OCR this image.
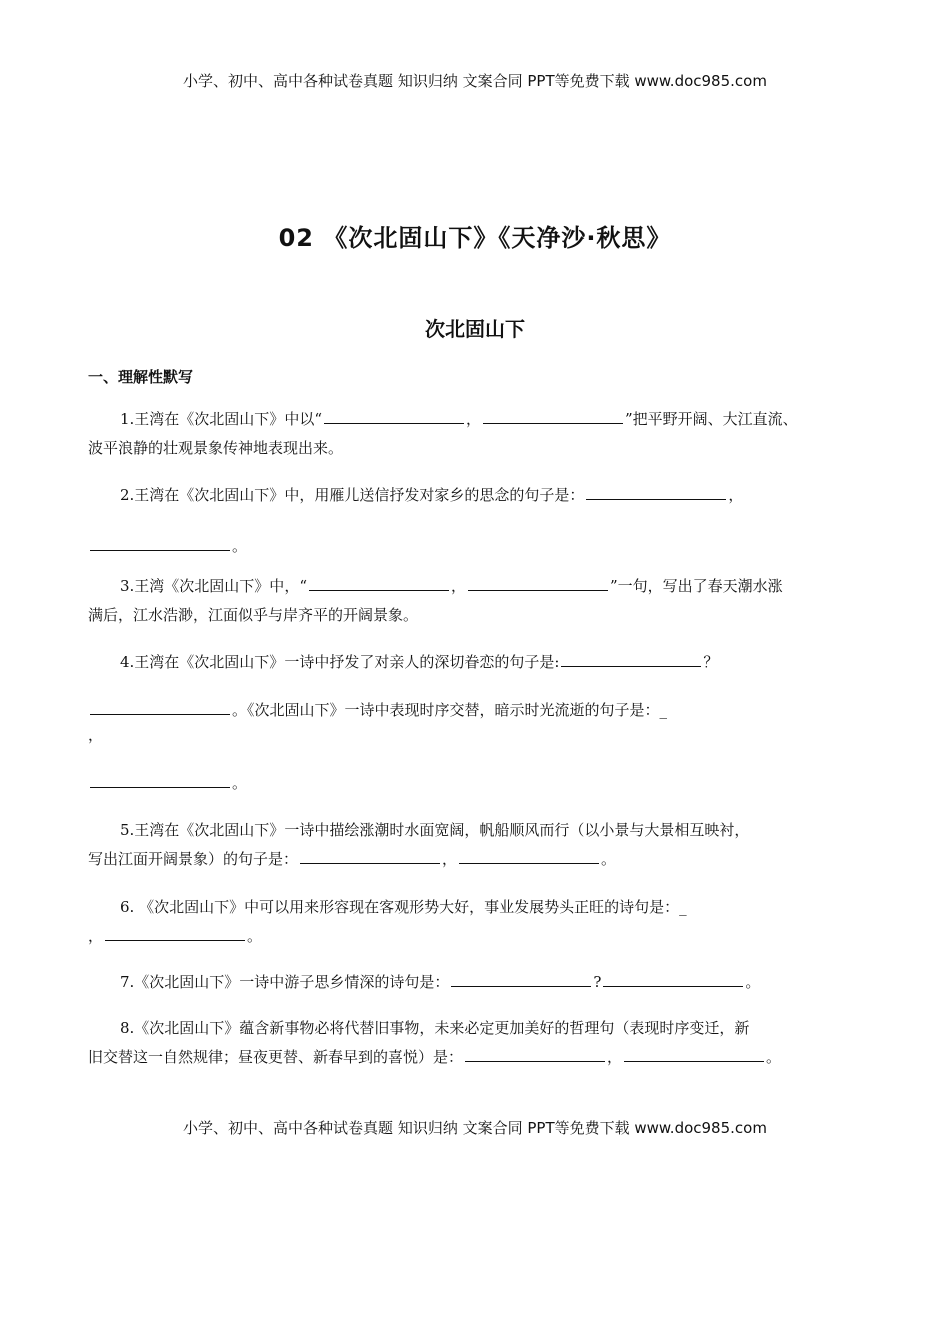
小学、初中、高中各种试卷真题 知识归纳 文案合同 PPT等免费下载 www.doc985.com
02 《次北固山下》《天净沙·秋思》
次北固山下
一、理解性默写
1.王湾在《次北固山下》中以“	，	”把平野开阔、大江直流、
波平浪静的壮观景象传神地表现出来。
2.王湾在《次北固山下》中，用雁儿送信抒发对家乡的思念的句子是：	，
。
3.王湾《次北固山下》中，“	，	”一句，写出了春天潮水涨
满后，江水浩渺，江面似乎与岸齐平的开阔景象。
4.王湾在《次北固山下》一诗中抒发了对亲人的深切眷恋的句子是:	？
。《次北固山下》一诗中表现时序交替，暗示时光流逝的句子是：_
，
。
5.王湾在《次北固山下》一诗中描绘涨潮时水面宽阔，帆船顺风而行（以小景与大景相互映衬，
写出江面开阔景象）的句子是：	，	。
6. 《次北固山下》中可以用来形容现在客观形势大好，事业发展势头正旺的诗句是：_
，	。
7.《次北固山下》一诗中游子思乡情深的诗句是：	?	。
8.《次北固山下》蕴含新事物必将代替旧事物，未来必定更加美好的哲理句（表现时序变迁，新
旧交替这一自然规律；昼夜更替、新春早到的喜悦）是：	，	。
小学、初中、高中各种试卷真题 知识归纳 文案合同 PPT等免费下载 www.doc985.com
